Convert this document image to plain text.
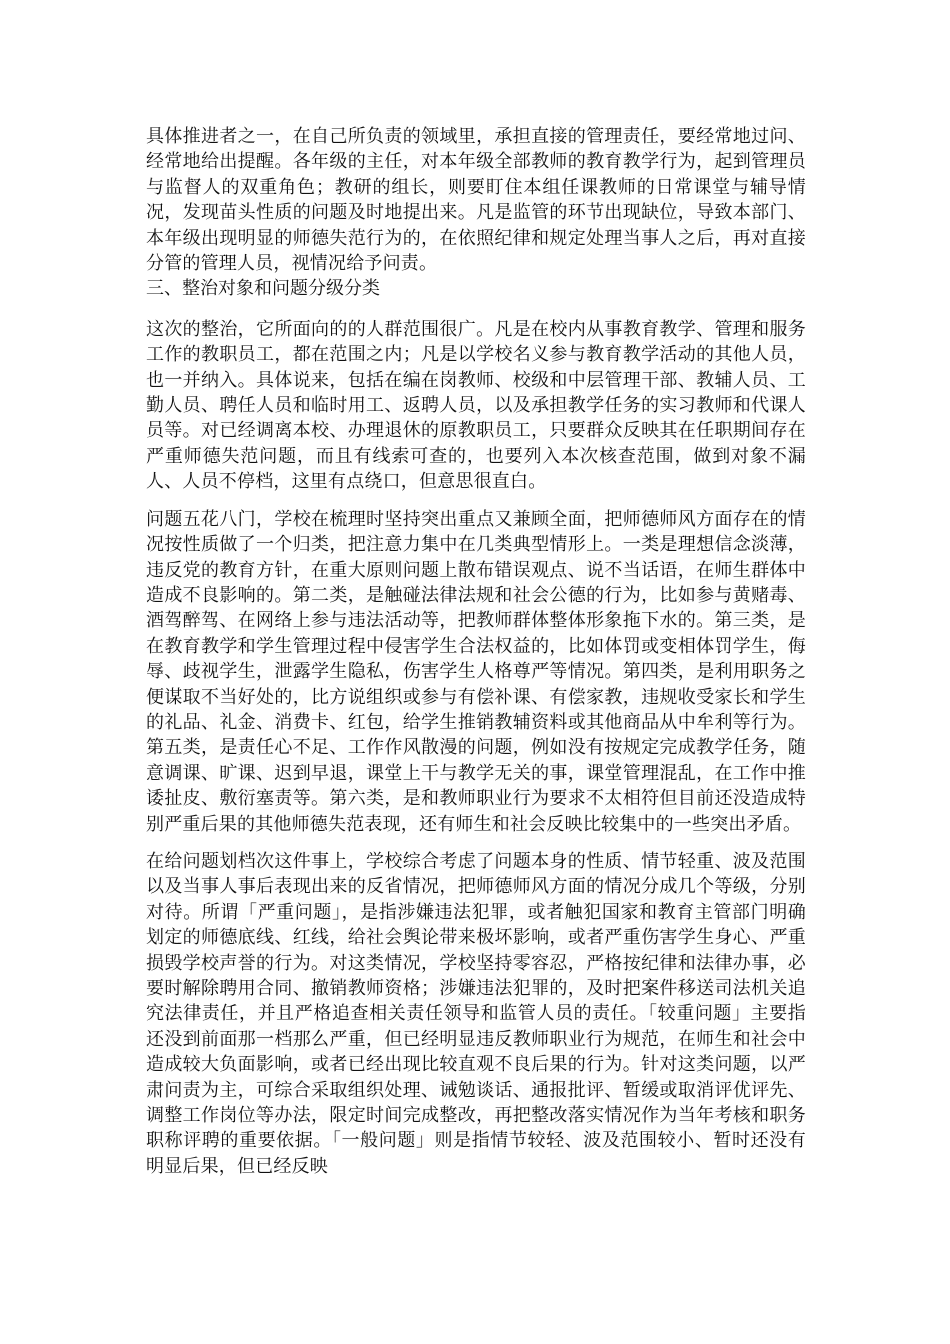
具体推进者之一，在自己所负责的领域里，承担直接的管理责任，要经常地过问、经常地给出提醒。各年级的主任，对本年级全部教师的教育教学行为，起到管理员与监督人的双重角色；教研的组长，则要盯住本组任课教师的日常课堂与辅导情况，发现苗头性质的问题及时地提出来。凡是监管的环节出现缺位，导致本部门、本年级出现明显的师德失范行为的，在依照纪律和规定处理当事人之后，再对直接分管的管理人员，视情况给予问责。

三、整治对象和问题分级分类

这次的整治，它所面向的的人群范围很广。凡是在校内从事教育教学、管理和服务工作的教职员工，都在范围之内；凡是以学校名义参与教育教学活动的其他人员，也一并纳入。具体说来，包括在编在岗教师、校级和中层管理干部、教辅人员、工勤人员、聘任人员和临时用工、返聘人员，以及承担教学任务的实习教师和代课人员等。对已经调离本校、办理退休的原教职员工，只要群众反映其在任职期间存在严重师德失范问题，而且有线索可查的，也要列入本次核查范围，做到对象不漏人、人员不停档，这里有点绕口，但意思很直白。

问题五花八门，学校在梳理时坚持突出重点又兼顾全面，把师德师风方面存在的情况按性质做了一个归类，把注意力集中在几类典型情形上。一类是理想信念淡薄，违反党的教育方针，在重大原则问题上散布错误观点、说不当话语，在师生群体中造成不良影响的。第二类，是触碰法律法规和社会公德的行为，比如参与黄赌毒、酒驾醉驾、在网络上参与违法活动等，把教师群体整体形象拖下水的。第三类，是在教育教学和学生管理过程中侵害学生合法权益的，比如体罚或变相体罚学生，侮辱、歧视学生，泄露学生隐私，伤害学生人格尊严等情况。第四类，是利用职务之便谋取不当好处的，比方说组织或参与有偿补课、有偿家教，违规收受家长和学生的礼品、礼金、消费卡、红包，给学生推销教辅资料或其他商品从中牟利等行为。第五类，是责任心不足、工作作风散漫的问题，例如没有按规定完成教学任务，随意调课、旷课、迟到早退，课堂上干与教学无关的事，课堂管理混乱，在工作中推诿扯皮、敷衍塞责等。第六类，是和教师职业行为要求不太相符但目前还没造成特别严重后果的其他师德失范表现，还有师生和社会反映比较集中的一些突出矛盾。

在给问题划档次这件事上，学校综合考虑了问题本身的性质、情节轻重、波及范围以及当事人事后表现出来的反省情况，把师德师风方面的情况分成几个等级，分别对待。所谓「严重问题」，是指涉嫌违法犯罪，或者触犯国家和教育主管部门明确划定的师德底线、红线，给社会舆论带来极坏影响，或者严重伤害学生身心、严重损毁学校声誉的行为。对这类情况，学校坚持零容忍，严格按纪律和法律办事，必要时解除聘用合同、撤销教师资格；涉嫌违法犯罪的，及时把案件移送司法机关追究法律责任，并且严格追查相关责任领导和监管人员的责任。「较重问题」主要指还没到前面那一档那么严重，但已经明显违反教师职业行为规范，在师生和社会中造成较大负面影响，或者已经出现比较直观不良后果的行为。针对这类问题，以严肃问责为主，可综合采取组织处理、诫勉谈话、通报批评、暂缓或取消评优评先、调整工作岗位等办法，限定时间完成整改，再把整改落实情况作为当年考核和职务职称评聘的重要依据。「一般问题」则是指情节较轻、波及范围较小、暂时还没有明显后果，但已经反映
